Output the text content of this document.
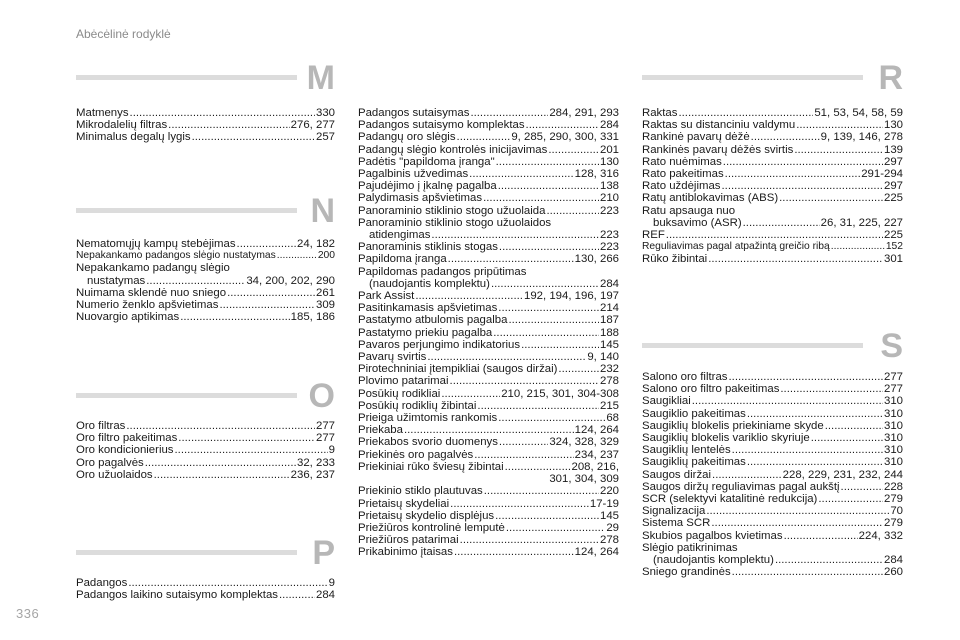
Abėcėlinė rodyklė
M
Matmenys .....	330
Mikrodalelių filtras .....	276, 277
Minimalus degalų lygis .....	257
N
Nematomųjų kampų stebėjimas .....	24, 182
Nepakankamo padangos slėgio nustatymas .....	200
Nepakankamo padangų slėgio
nustatymas .....	34, 200, 202, 290
Nuimama sklendė nuo sniego .....	261
Numerio ženklo apšvietimas .....	309
Nuovargio aptikimas .....	185, 186
O
Oro filtras .....	277
Oro filtro pakeitimas .....	277
Oro kondicionierius .....	9
Oro pagalvės .....	32, 233
Oro užuolaidos .....	236, 237
P
Padangos .....	9
Padangos laikino sutaisymo komplektas .....	284
Padangos sutaisymas .....	284, 291, 293
Padangos sutaisymo komplektas .....	284
Padangų oro slėgis .....	9, 285, 290, 300, 331
Padangų slėgio kontrolės inicijavimas .....	201
Padėtis "papildoma įranga" .....	130
Pagalbinis užvedimas .....	128, 316
Pajudėjimo į įkalnę pagalba .....	138
Palydimasis apšvietimas .....	210
Panoraminio stiklinio stogo užuolaida .....	223
Panoraminio stiklinio stogo užuolaidos
atidengimas .....	223
Panoraminis stiklinis stogas .....	223
Papildoma įranga .....	130, 266
Papildomas padangos pripūtimas
(naudojantis komplektu) .....	284
Park Assist .....	192, 194, 196, 197
Pasitinkamasis apšvietimas .....	214
Pastatymo atbulomis pagalba .....	187
Pastatymo priekiu pagalba .....	188
Pavaros perjungimo indikatorius .....	145
Pavarų svirtis .....	9, 140
Pirotechniniai įtempikliai (saugos diržai) .....	232
Plovimo patarimai .....	278
Posūkių rodikliai .....	210, 215, 301, 304-308
Posūkių rodiklių žibintai .....	215
Prieiga užimtomis rankomis .....	68
Priekaba .....	124, 264
Priekabos svorio duomenys .....	324, 328, 329
Priekinės oro pagalvės .....	234, 237
Priekiniai rūko šviesų žibintai .....	208, 216,
301, 304, 309
Priekinio stiklo plautuvas .....	220
Prietaisų skydeliai .....	17-19
Prietaisų skydelio displėjus .....	145
Priežiūros kontrolinė lemputė .....	29
Priežiūros patarimai .....	278
Prikabinimo įtaisas .....	124, 264
R
Raktas .....	51, 53, 54, 58, 59
Raktas su distanciniu valdymu .....	130
Rankinė pavarų dėžė .....	9, 139, 146, 278
Rankinės pavarų dėžės svirtis .....	139
Rato nuėmimas .....	297
Rato pakeitimas .....	291-294
Rato uždėjimas .....	297
Ratų antiblokavimas (ABS) .....	225
Ratu apsauga nuo
buksavimo (ASR) .....	26, 31, 225, 227
REF .....	225
Reguliavimas pagal atpažintą greičio ribą .....	152
Rūko žibintai .....	301
S
Salono oro filtras .....	277
Salono oro filtro pakeitimas .....	277
Saugikliai .....	310
Saugiklio pakeitimas .....	310
Saugiklių blokelis priekiniame skyde .....	310
Saugiklių blokelis variklio skyriuje .....	310
Saugiklių lentelės .....	310
Saugiklių pakeitimas .....	310
Saugos diržai .....	228, 229, 231, 232, 244
Saugos diržų reguliavimas pagal aukštį .....	228
SCR (selektyvi katalitinė redukcija) .....	279
Signalizacija .....	70
Sistema SCR .....	279
Skubios pagalbos kvietimas .....	224, 332
Slėgio patikrinimas
(naudojantis komplektu) .....	284
Sniego grandinės .....	260
336
